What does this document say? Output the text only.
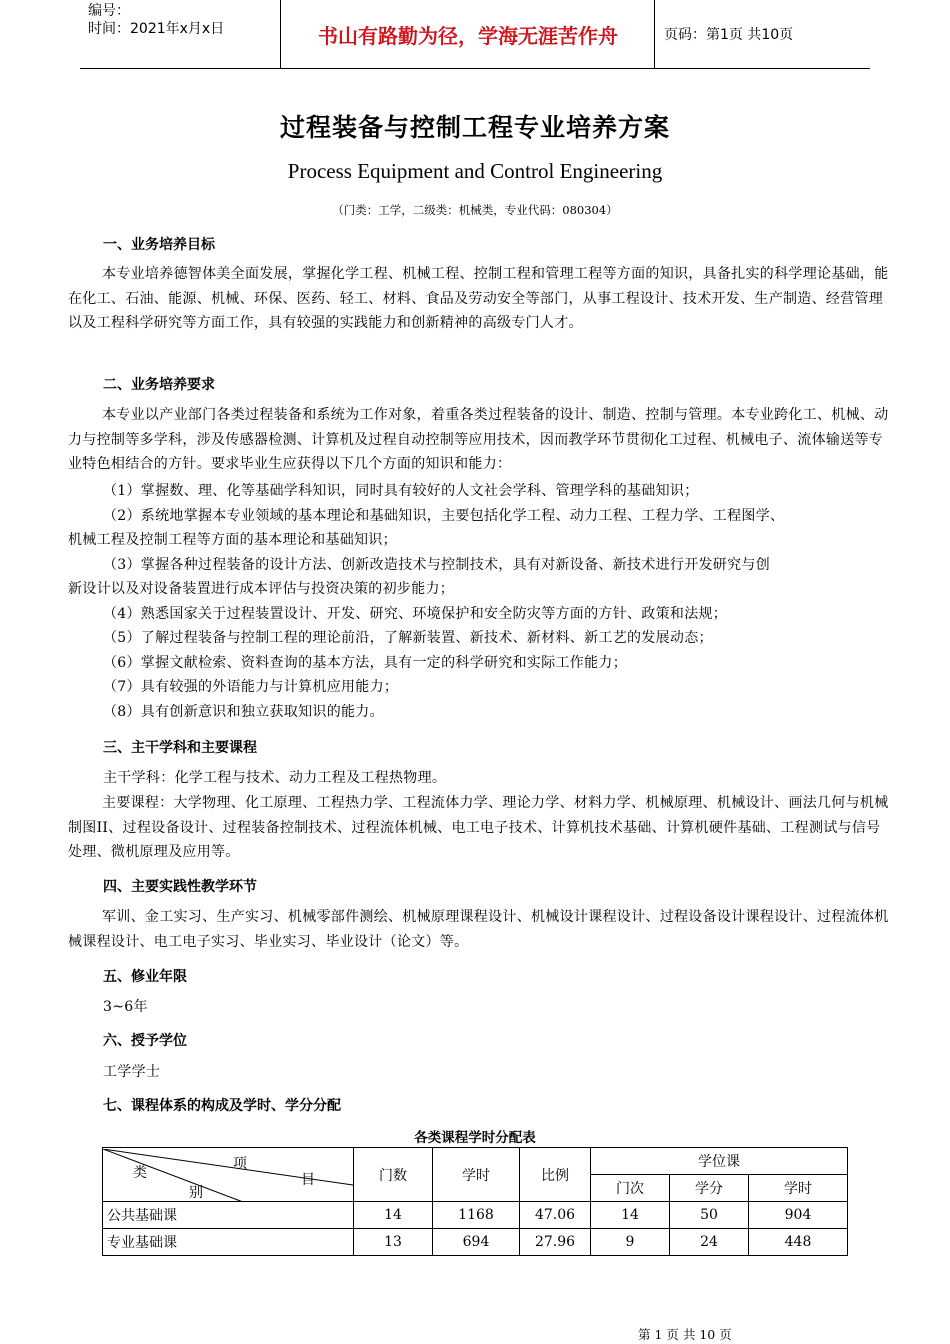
编号：
时间：2021年x月x日	书山有路勤为径，学海无涯苦作舟	页码：第1页 共10页
过程装备与控制工程专业培养方案
Process Equipment and Control Engineering
（门类：工学，二级类：机械类，专业代码：080304）
一、业务培养目标
本专业培养德智体美全面发展，掌握化学工程、机械工程、控制工程和管理工程等方面的知识，具备扎实的科学理论基础，能在化工、石油、能源、机械、环保、医药、轻工、材料、食品及劳动安全等部门，从事工程设计、技术开发、生产制造、经营管理以及工程科学研究等方面工作，具有较强的实践能力和创新精神的高级专门人才。
二、业务培养要求
本专业以产业部门各类过程装备和系统为工作对象，着重各类过程装备的设计、制造、控制与管理。本专业跨化工、机械、动力与控制等多学科，涉及传感器检测、计算机及过程自动控制等应用技术，因而教学环节贯彻化工过程、机械电子、流体输送等专业特色相结合的方针。要求毕业生应获得以下几个方面的知识和能力：
（1）掌握数、理、化等基础学科知识，同时具有较好的人文社会学科、管理学科的基础知识；
（2）系统地掌握本专业领域的基本理论和基础知识，主要包括化学工程、动力工程、工程力学、工程图学、
机械工程及控制工程等方面的基本理论和基础知识；
（3）掌握各种过程装备的设计方法、创新改造技术与控制技术，具有对新设备、新技术进行开发研究与创
新设计以及对设备装置进行成本评估与投资决策的初步能力；
（4）熟悉国家关于过程装置设计、开发、研究、环境保护和安全防灾等方面的方针、政策和法规；
（5）了解过程装备与控制工程的理论前沿，了解新装置、新技术、新材料、新工艺的发展动态；
（6）掌握文献检索、资料查询的基本方法，具有一定的科学研究和实际工作能力；
（7）具有较强的外语能力与计算机应用能力；
（8）具有创新意识和独立获取知识的能力。
三、主干学科和主要课程
主干学科：化学工程与技术、动力工程及工程热物理。
主要课程：大学物理、化工原理、工程热力学、工程流体力学、理论力学、材料力学、机械原理、机械设计、画法几何与机械制图II、过程设备设计、过程装备控制技术、过程流体机械、电工电子技术、计算机技术基础、计算机硬件基础、工程测试与信号处理、微机原理及应用等。
四、主要实践性教学环节
军训、金工实习、生产实习、机械零部件测绘、机械原理课程设计、机械设计课程设计、过程设备设计课程设计、过程流体机械课程设计、电工电子实习、毕业实习、毕业设计（论文）等。
五、修业年限
3~6年
六、授予学位
工学学士
七、课程体系的构成及学时、学分分配
各类课程学时分配表
项
目
类
别	门数	学时	比例	学位课		
				门次	学分	学时
公共基础课	14	1168	47.06	14	50	904
专业基础课	13	694	27.96	9	24	448
第 1 页 共 10 页
